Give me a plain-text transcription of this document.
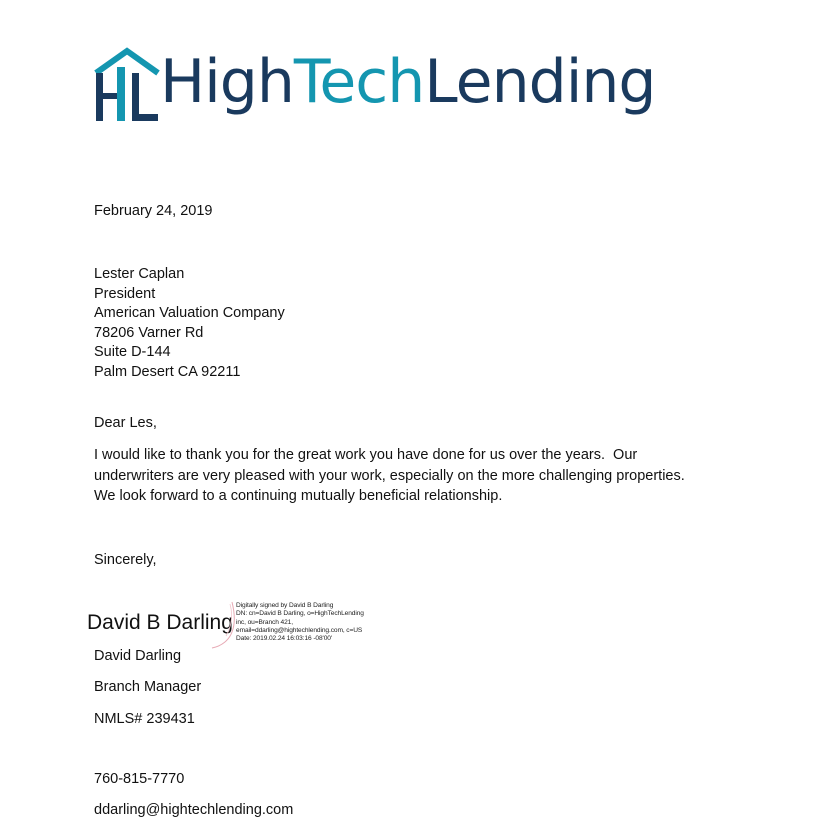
HighTechLending
February 24, 2019
Lester Caplan
President
American Valuation Company
78206 Varner Rd
Suite D-144
Palm Desert CA 92211
Dear Les,
I would like to thank you for the great work you have done for us over the years.  Our
underwriters are very pleased with your work, especially on the more challenging properties.
We look forward to a continuing mutually beneficial relationship.
Sincerely,
David B Darling
Digitally signed by David B Darling
DN: cn=David B Darling, o=HighTechLending
inc, ou=Branch 421,
email=ddarling@hightechlending.com, c=US
Date: 2019.02.24 16:03:16 -08'00'
David Darling
Branch Manager
NMLS# 239431
760-815-7770
ddarling@hightechlending.com
